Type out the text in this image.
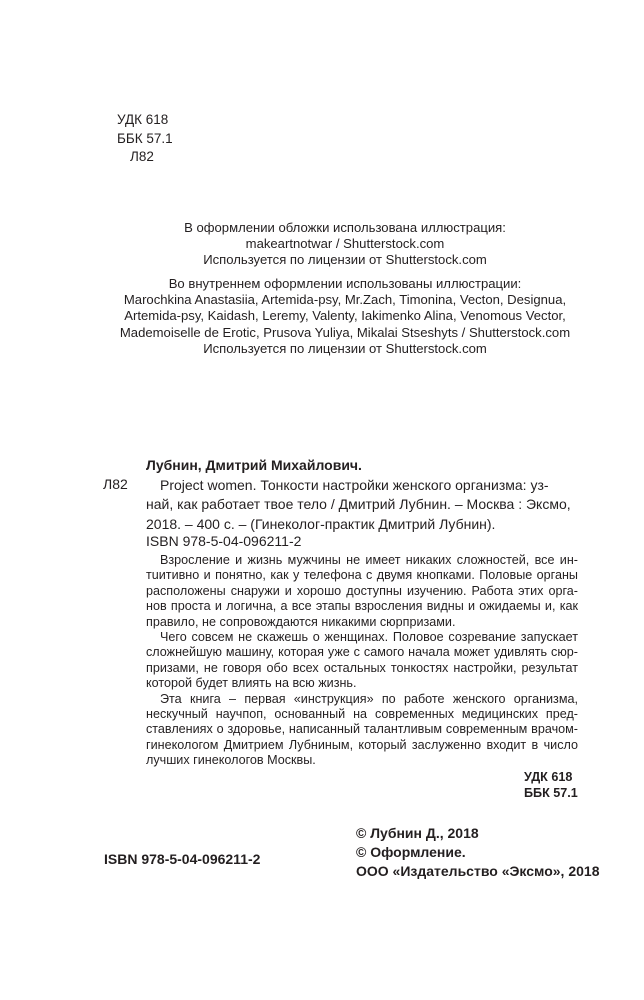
УДК 618
ББК 57.1
Л82
В оформлении обложки использована иллюстрация:
makeartnotwar / Shutterstock.com
Используется по лицензии от Shutterstock.com
Во внутреннем оформлении использованы иллюстрации:
Marochkina Anastasiia, Artemida-psy, Mr.Zach, Timonina, Vecton, Designua,
Artemida-psy, Kaidash, Leremy, Valenty, Iakimenko Alina, Venomous Vector,
Mademoiselle de Erotic, Prusova Yuliya, Mikalai Stseshyts / Shutterstock.com
Используется по лицензии от Shutterstock.com
Лубнин, Дмитрий Михайлович.
Л82	Project women. Тонкости настройки женского организма: уз-
най, как работает твое тело / Дмитрий Лубнин. – Москва : Эксмо,
2018. – 400 с. – (Гинеколог-практик Дмитрий Лубнин).
ISBN 978-5-04-096211-2
Взросление и жизнь мужчины не имеет никаких сложностей, все ин-
тuитивно и понятно, как у телефона с двумя кнопками. Половые органы
расположены снаружи и хорошо доступны изучению. Работа этих орга-
нов проста и логична, а все этапы взросления видны и ожидаемы и, как
правило, не сопровождаются никакими сюрпризами.
Чего совсем не скажешь о женщинах. Половое созревание запускает
сложнейшую машину, которая уже с самого начала может удивлять сюр-
призами, не говоря обо всех остальных тонкостях настройки, результат
которой будет влиять на всю жизнь.
Эта книга – первая «инструкция» по работе женского организма,
нескучный научпоп, основанный на современных медицинских пред-
ставлениях о здоровье, написанный талантливым современным врачом-
гинекологом Дмитрием Лубниным, который заслуженно входит в число
лучших гинекологов Москвы.
УДК 618
ББК 57.1
© Лубнин Д., 2018
© Оформление.
ООО «Издательство «Эксмо», 2018
ISBN 978-5-04-096211-2
